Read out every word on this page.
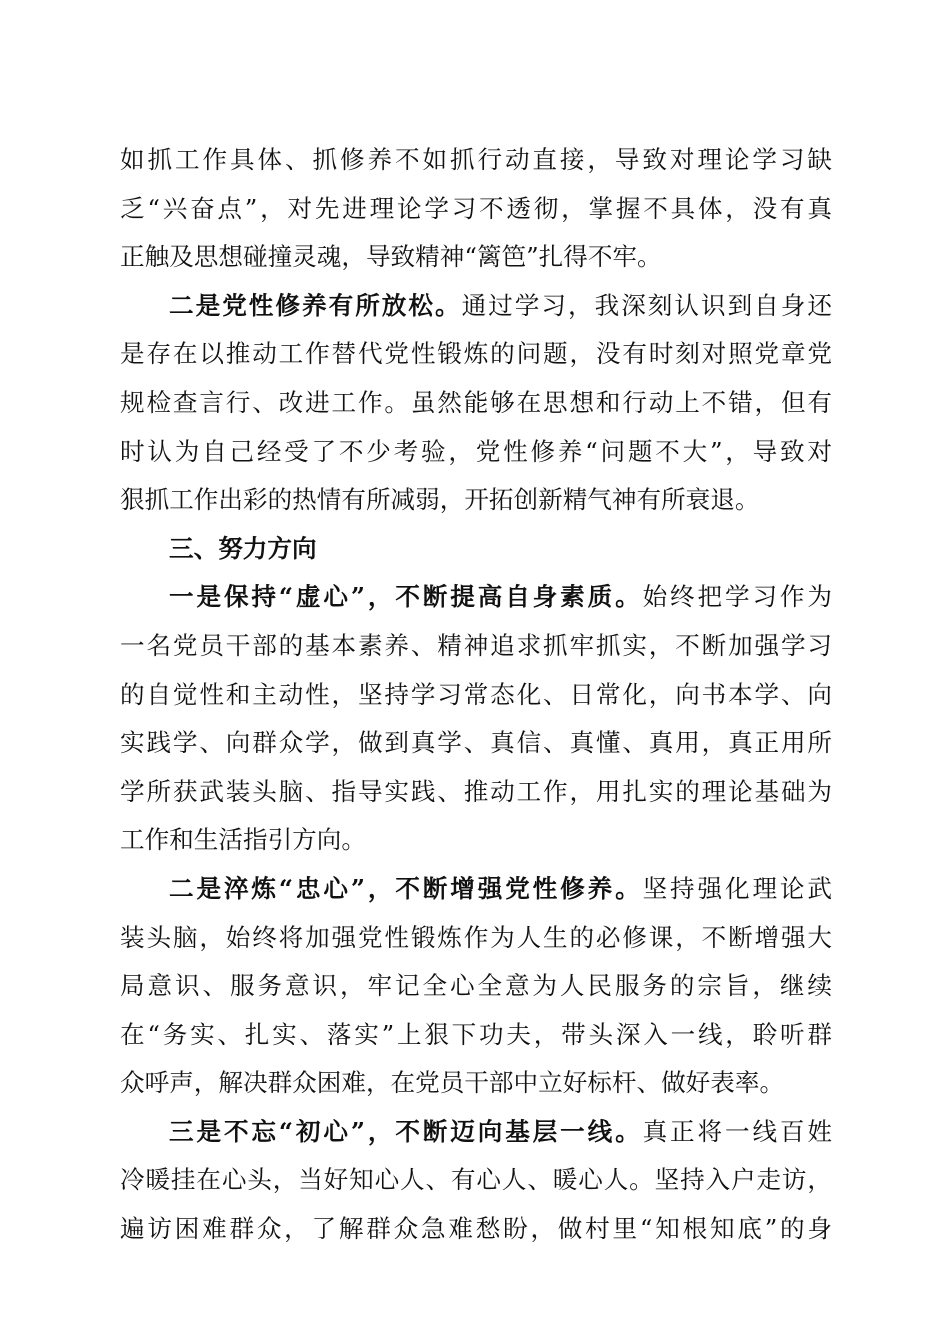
如抓工作具体、抓修养不如抓行动直接，导致对理论学习缺
乏“兴奋点”，对先进理论学习不透彻，掌握不具体，没有真
正触及思想碰撞灵魂，导致精神“篱笆”扎得不牢。
二是党性修养有所放松。通过学习，我深刻认识到自身还
是存在以推动工作替代党性锻炼的问题，没有时刻对照党章党
规检查言行、改进工作。虽然能够在思想和行动上不错，但有
时认为自己经受了不少考验，党性修养“问题不大”，导致对
狠抓工作出彩的热情有所减弱，开拓创新精气神有所衰退。
三、努力方向
一是保持“虚心”，不断提高自身素质。始终把学习作为
一名党员干部的基本素养、精神追求抓牢抓实，不断加强学习
的自觉性和主动性，坚持学习常态化、日常化，向书本学、向
实践学、向群众学，做到真学、真信、真懂、真用，真正用所
学所获武装头脑、指导实践、推动工作，用扎实的理论基础为
工作和生活指引方向。
二是淬炼“忠心”，不断增强党性修养。坚持强化理论武
装头脑，始终将加强党性锻炼作为人生的必修课，不断增强大
局意识、服务意识，牢记全心全意为人民服务的宗旨，继续
在“务实、扎实、落实”上狠下功夫，带头深入一线，聆听群
众呼声，解决群众困难，在党员干部中立好标杆、做好表率。
三是不忘“初心”，不断迈向基层一线。真正将一线百姓
冷暖挂在心头，当好知心人、有心人、暖心人。坚持入户走访，
遍访困难群众，了解群众急难愁盼，做村里“知根知底”的身
